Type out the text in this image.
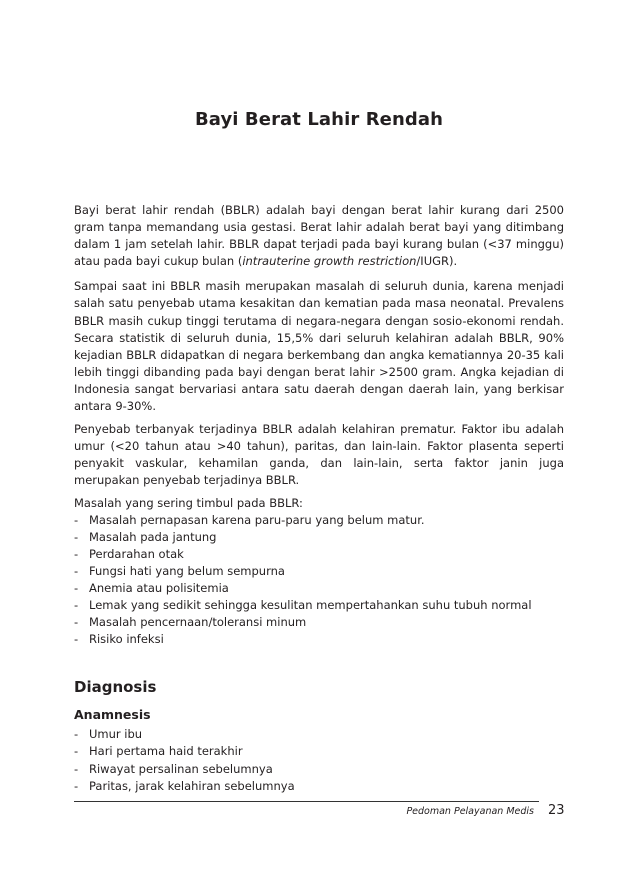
Bayi Berat Lahir Rendah

Bayi berat lahir rendah (BBLR) adalah bayi dengan berat lahir kurang dari 2500 gram tanpa memandang usia gestasi. Berat lahir adalah berat bayi yang ditimbang dalam 1 jam setelah lahir. BBLR dapat terjadi pada bayi kurang bulan (<37 minggu) atau pada bayi cukup bulan (intrauterine growth restriction/IUGR).

Sampai saat ini BBLR masih merupakan masalah di seluruh dunia, karena menjadi salah satu penyebab utama kesakitan dan kematian pada masa neonatal. Prevalens BBLR masih cukup tinggi terutama di negara-negara dengan sosio-ekonomi rendah. Secara statistik di seluruh dunia, 15,5% dari seluruh kelahiran adalah BBLR, 90% kejadian BBLR didapatkan di negara berkembang dan angka kematiannya 20-35 kali lebih tinggi dibanding pada bayi dengan berat lahir >2500 gram. Angka kejadian di Indonesia sangat bervariasi antara satu daerah dengan daerah lain, yang berkisar antara 9-30%.

Penyebab terbanyak terjadinya BBLR adalah kelahiran prematur. Faktor ibu adalah umur (<20 tahun atau >40 tahun), paritas, dan lain-lain. Faktor plasenta seperti penyakit vaskular, kehamilan ganda, dan lain-lain, serta faktor janin juga merupakan penyebab terjadinya BBLR.

Masalah yang sering timbul pada BBLR:

- Masalah pernapasan karena paru-paru yang belum matur.
- Masalah pada jantung
- Perdarahan otak
- Fungsi hati yang belum sempurna
- Anemia atau polisitemia
- Lemak yang sedikit sehingga kesulitan mempertahankan suhu tubuh normal
- Masalah pencernaan/toleransi minum
- Risiko infeksi
Diagnosis
Anamnesis
- Umur ibu
- Hari pertama haid terakhir
- Riwayat persalinan sebelumnya
- Paritas, jarak kelahiran sebelumnya
Pedoman Pelayanan Medis 23
